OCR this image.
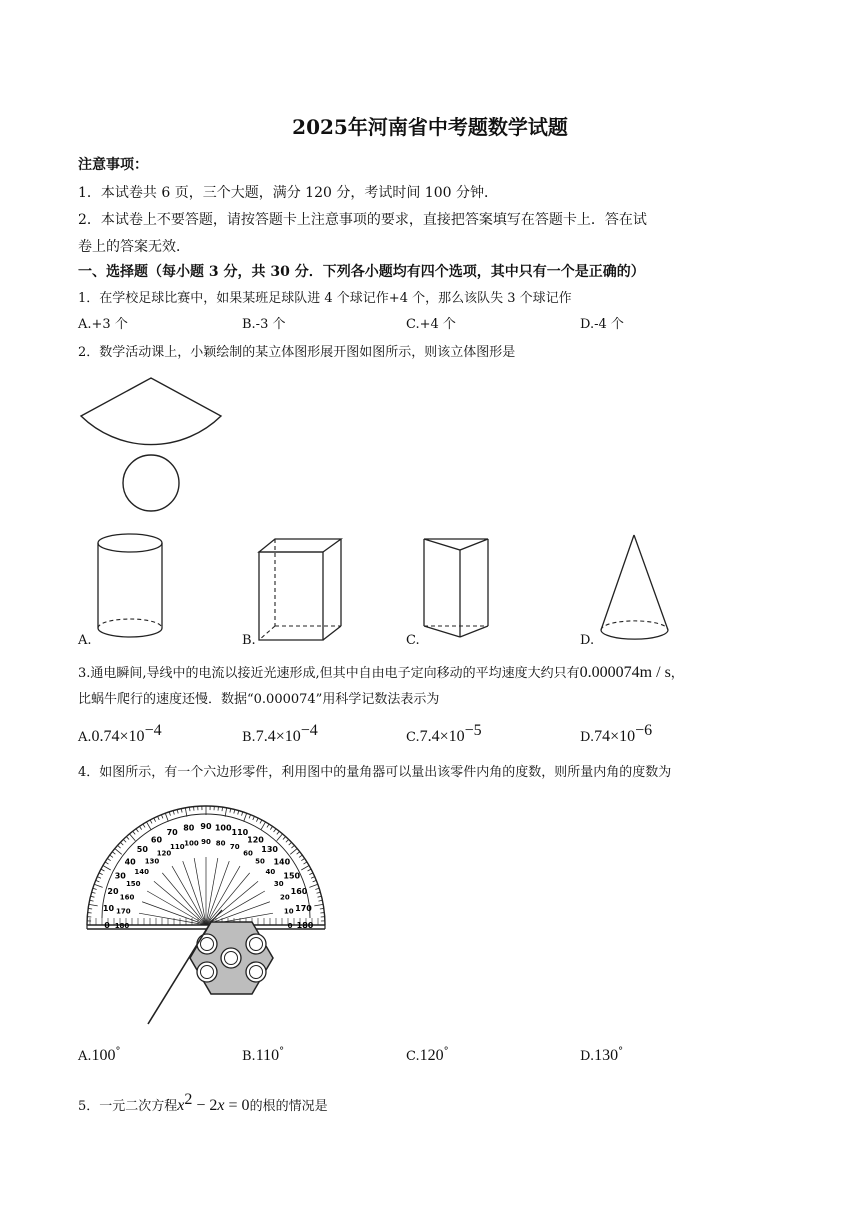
2025年河南省中考题数学试题
注意事项：
1．本试卷共 6 页，三个大题，满分 120 分，考试时间 100 分钟．
2．本试卷上不要答题，请按答题卡上注意事项的要求，直接把答案填写在答题卡上．答在试
卷上的答案无效．
一、选择题（每小题 3 分，共 30 分．下列各小题均有四个选项，其中只有一个是正确的）
1．在学校足球比赛中，如果某班足球队进 4 个球记作+4 个，那么该队失 3 个球记作
A.+3 个	B.-3 个	C.+4 个	D.-4 个
2．数学活动课上，小颖绘制的某立体图形展开图如图所示，则该立体图形是
A.	B.	C.	D.
3.通电瞬间,导线中的电流以接近光速形成,但其中自由电子定向移动的平均速度大约只有0.000074m / s，
比蜗牛爬行的速度还慢．数据“0.000074”用科学记数法表示为
$A.0.74\times 10^{-4}$	$B.7.4\times 10^{-4}$	$C.7.4\times 10^{-5}$	$D.74\times 10^{-6}$
4．如图所示，有一个六边形零件，利用图中的量角器可以量出该零件内角的度数，则所量内角的度数为
0
10
20
30
40
50
60
70 80 90 100 110
120
130
140
150
160
170
180
180
170
160
150
140
130
120
110 100 90 80 70
60
50
40
30
20
10
0
A.100°	B.110°	C.120°	D.130°
5．一元二次方程$x^2 - 2x = 0$的根的情况是
